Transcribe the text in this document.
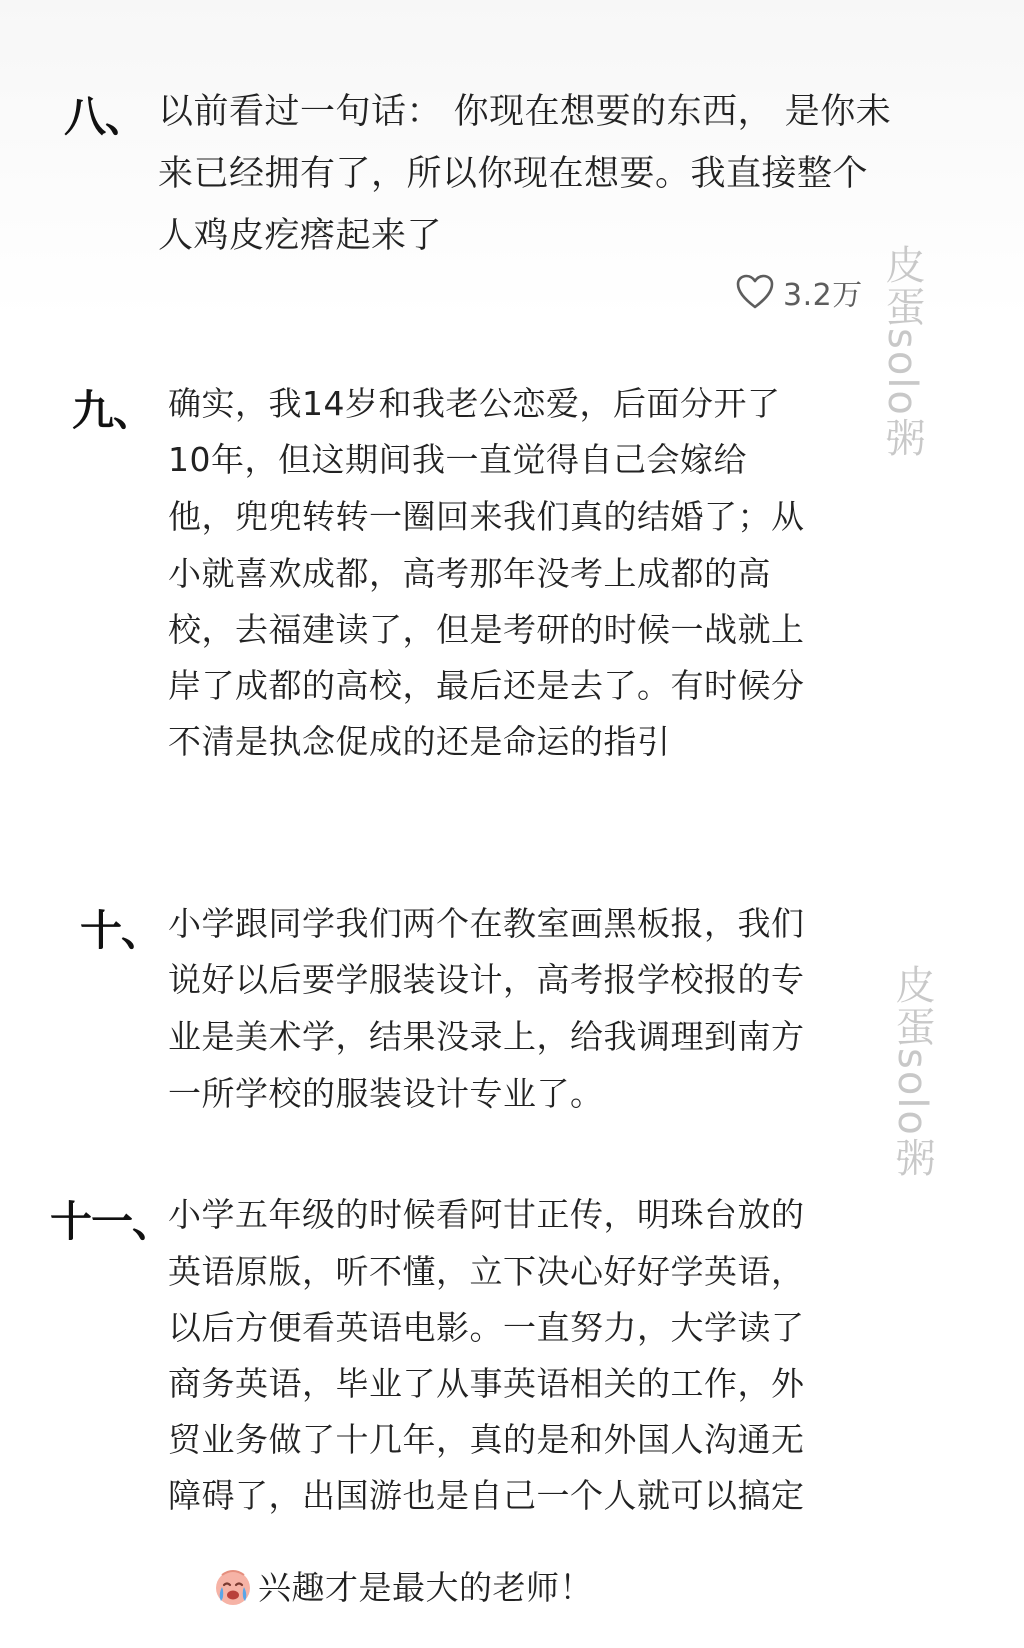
八、 以前看过一句话： 你现在想要的东西， 是你未
来已经拥有了，所以你现在想要。我直接整个
人鸡皮疙瘩起来了
3.2万
九、 确实，我14岁和我老公恋爱，后面分开了
10年，但这期间我一直觉得自己会嫁给
他，兜兜转转一圈回来我们真的结婚了；从
小就喜欢成都，高考那年没考上成都的高
校，去福建读了，但是考研的时候一战就上
岸了成都的高校，最后还是去了。有时候分
不清是执念促成的还是命运的指引
十、 小学跟同学我们两个在教室画黑板报，我们
说好以后要学服装设计，高考报学校报的专
业是美术学，结果没录上，给我调理到南方
一所学校的服装设计专业了。
十一、
小学五年级的时候看阿甘正传，明珠台放的
英语原版，听不懂，立下决心好好学英语，
以后方便看英语电影。一直努力，大学读了
商务英语，毕业了从事英语相关的工作，外
贸业务做了十几年，真的是和外国人沟通无
障碍了，出国游也是自己一个人就可以搞定

兴趣才是最大的老师！

皮蛋solo粥
皮蛋solo粥
